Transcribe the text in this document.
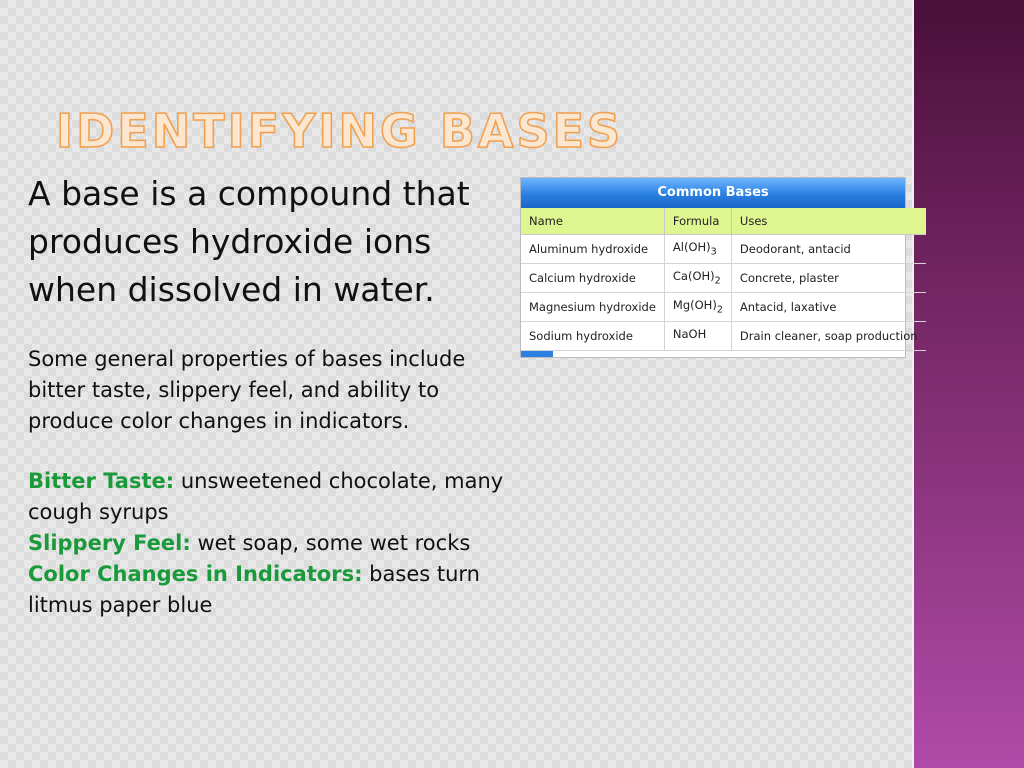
IDENTIFYING BASES
A base is a compound that produces hydroxide ions when dissolved in water.
Some general properties of bases include bitter taste, slippery feel, and ability to produce color changes in indicators.
Bitter Taste: unsweetened chocolate, many cough syrups
Slippery Feel: wet soap, some wet rocks
Color Changes in Indicators: bases turn litmus paper blue
Common Bases
Name	Formula	Uses
Aluminum hydroxide	$Al(OH)_3$	Deodorant, antacid
Calcium hydroxide	$Ca(OH)_2$	Concrete, plaster
Magnesium hydroxide	$Mg(OH)_2$	Antacid, laxative
Sodium hydroxide	NaOH	Drain cleaner, soap production
